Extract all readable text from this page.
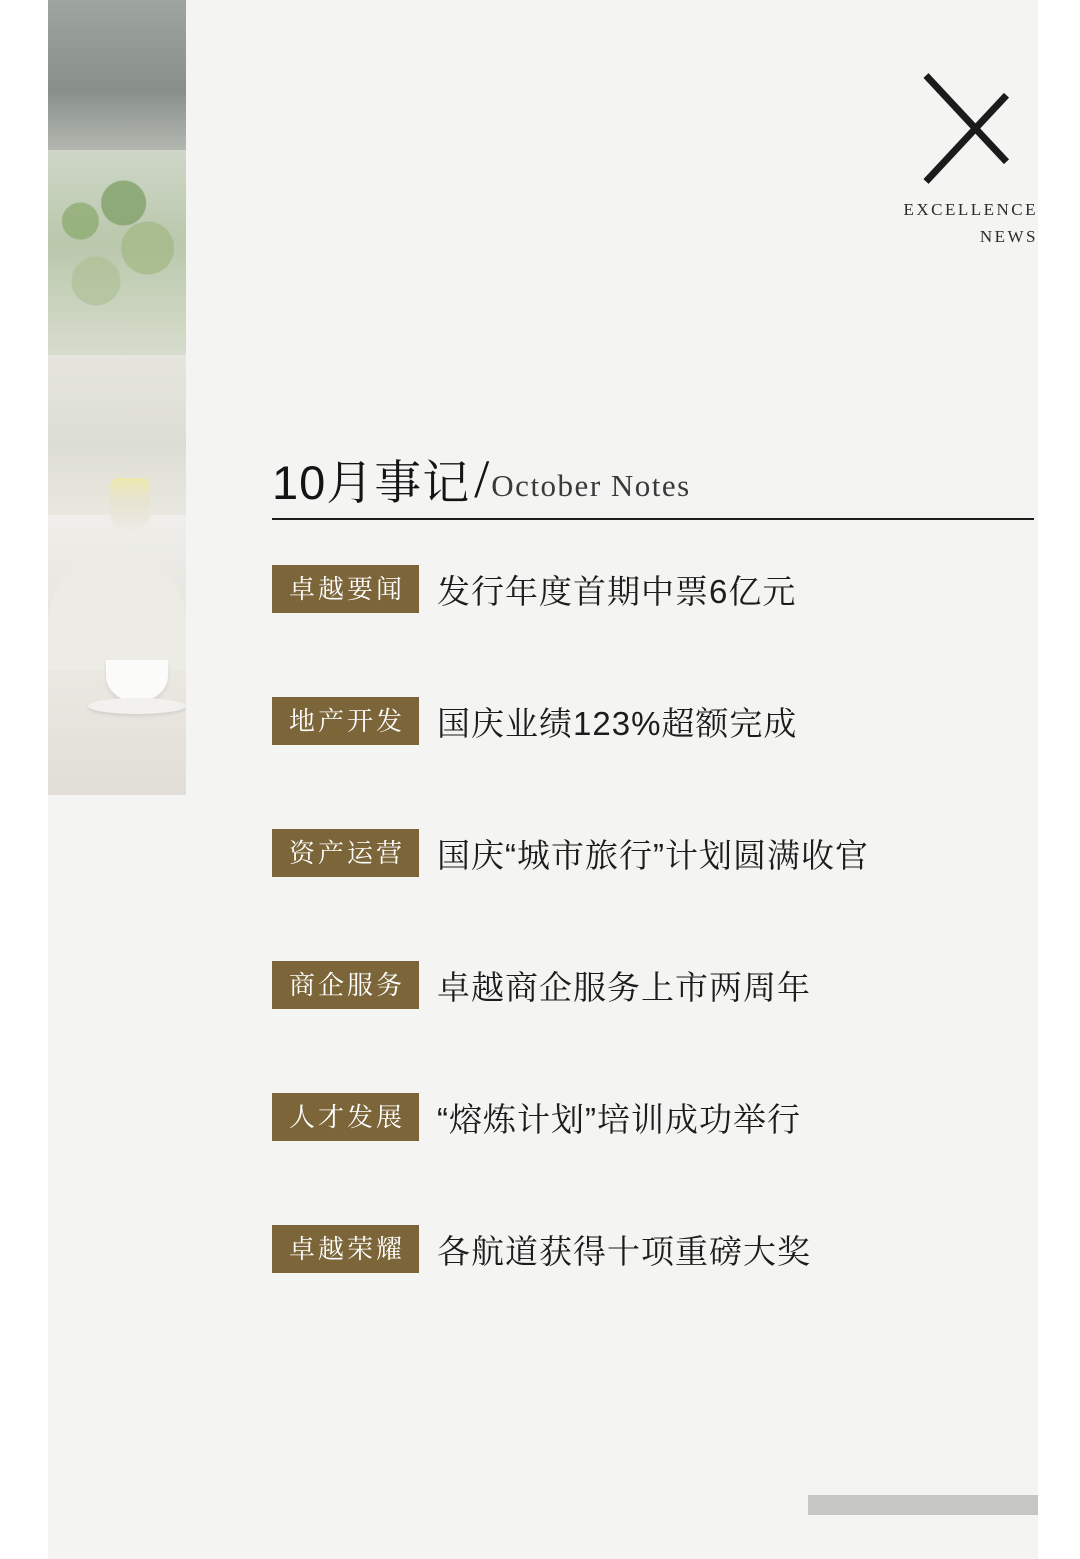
EXCELLENCE
NEWS
10月事记 / October Notes
卓越要闻 发行年度首期中票6亿元
地产开发 国庆业绩123%超额完成
资产运营 国庆“城市旅行”计划圆满收官
商企服务 卓越商企服务上市两周年
人才发展 “熔炼计划”培训成功举行
卓越荣耀 各航道获得十项重磅大奖
